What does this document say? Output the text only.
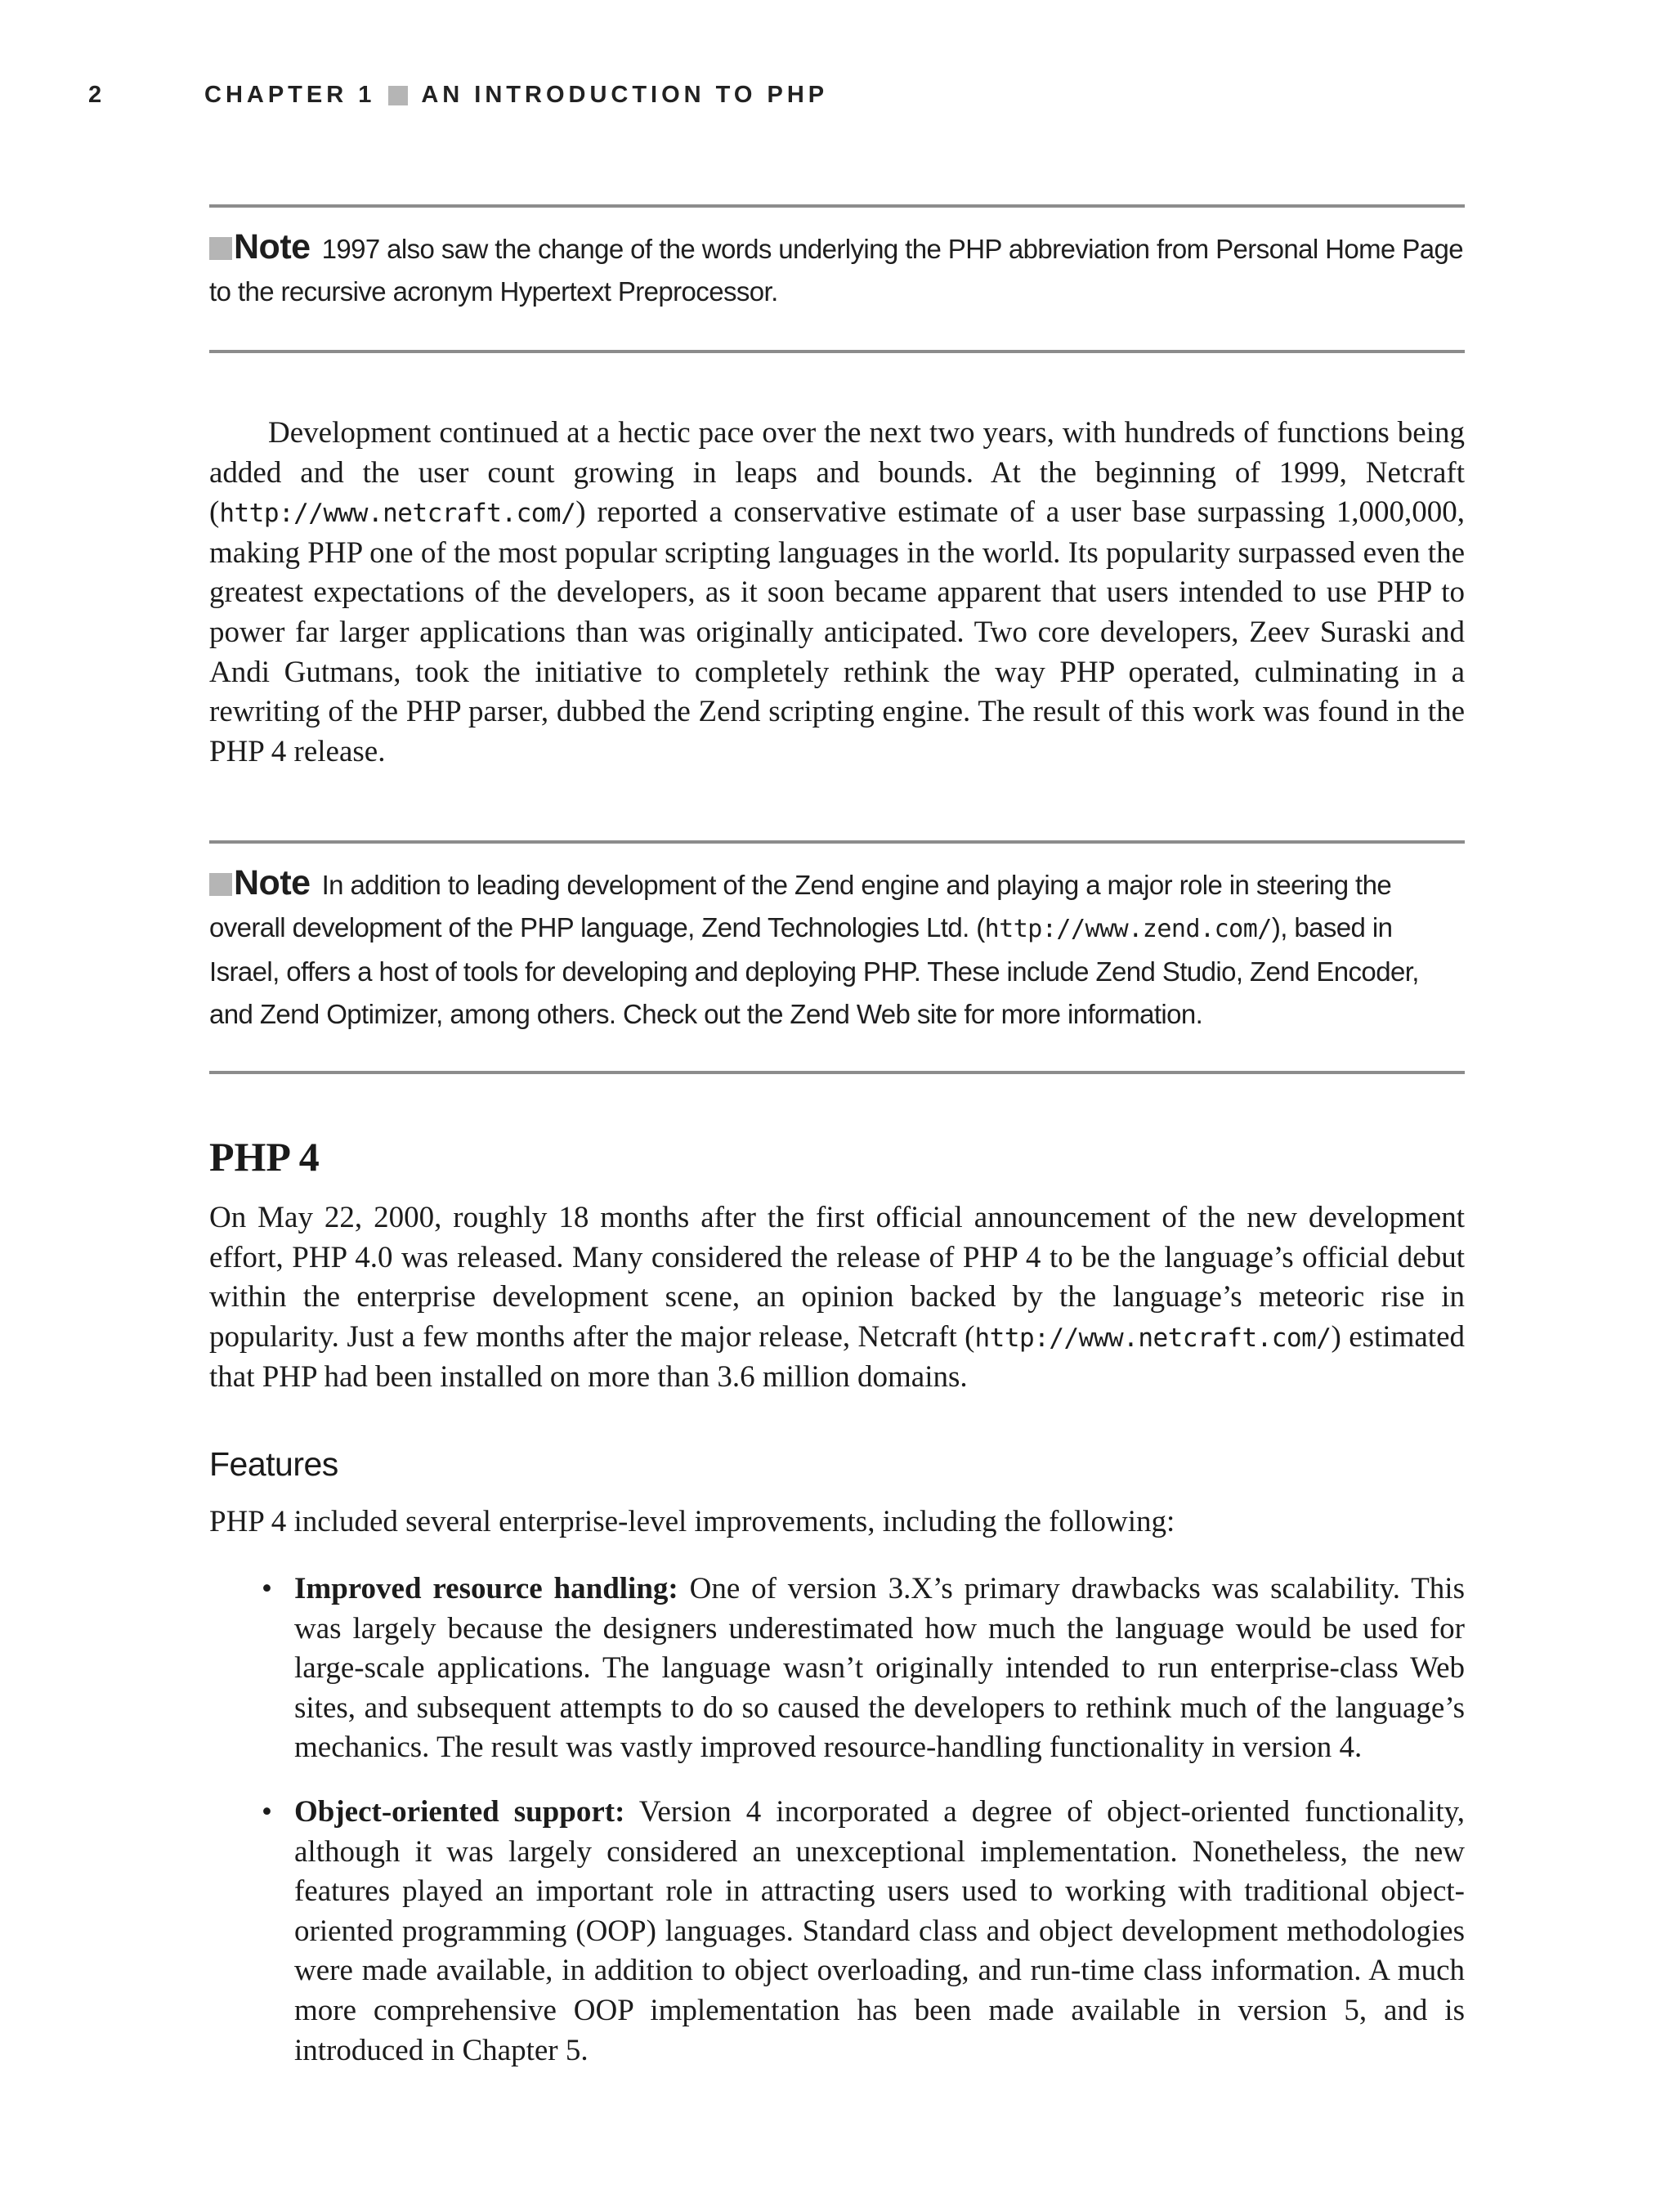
2	CHAPTER 1 AN INTRODUCTION TO PHP
Note 1997 also saw the change of the words underlying the PHP abbreviation from Personal Home Page to the recursive acronym Hypertext Preprocessor.

Development continued at a hectic pace over the next two years, with hundreds of functions being added and the user count growing in leaps and bounds. At the beginning of 1999, Netcraft (http://www.netcraft.com/) reported a conservative estimate of a user base surpassing 1,000,000, making PHP one of the most popular scripting languages in the world. Its popularity surpassed even the greatest expectations of the developers, as it soon became apparent that users intended to use PHP to power far larger applications than was originally anticipated. Two core developers, Zeev Suraski and Andi Gutmans, took the initiative to completely rethink the way PHP operated, culminating in a rewriting of the PHP parser, dubbed the Zend scripting engine. The result of this work was found in the PHP 4 release.

Note In addition to leading development of the Zend engine and playing a major role in steering the overall development of the PHP language, Zend Technologies Ltd. (http://www.zend.com/), based in Israel, offers a host of tools for developing and deploying PHP. These include Zend Studio, Zend Encoder, and Zend Optimizer, among others. Check out the Zend Web site for more information.
PHP 4

On May 22, 2000, roughly 18 months after the first official announcement of the new development effort, PHP 4.0 was released. Many considered the release of PHP 4 to be the language’s official debut within the enterprise development scene, an opinion backed by the language’s meteoric rise in popularity. Just a few months after the major release, Netcraft (http://www.netcraft.com/) estimated that PHP had been installed on more than 3.6 million domains.

Features

PHP 4 included several enterprise-level improvements, including the following:

• Improved resource handling: One of version 3.X’s primary drawbacks was scalability. This was largely because the designers underestimated how much the language would be used for large-scale applications. The language wasn’t originally intended to run enterprise-class Web sites, and subsequent attempts to do so caused the developers to rethink much of the language’s mechanics. The result was vastly improved resource-handling functionality in version 4.
• Object-oriented support: Version 4 incorporated a degree of object-oriented functionality, although it was largely considered an unexceptional implementation. Nonetheless, the new features played an important role in attracting users used to working with traditional object-oriented programming (OOP) languages. Standard class and object development methodologies were made available, in addition to object overloading, and run-time class information. A much more comprehensive OOP implementation has been made available in version 5, and is introduced in Chapter 5.
